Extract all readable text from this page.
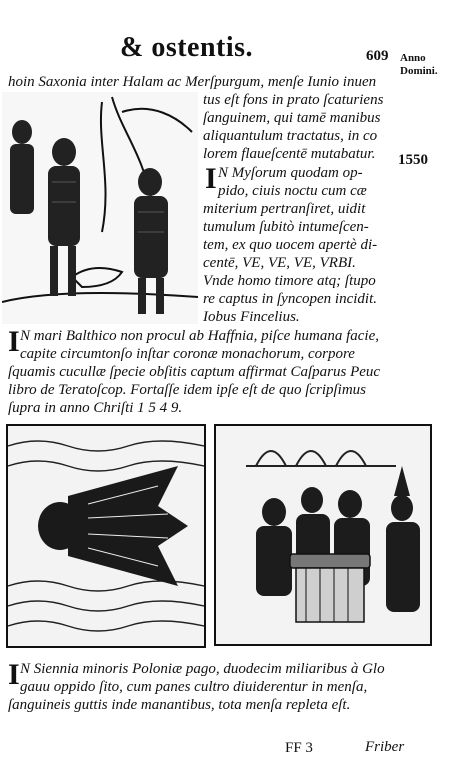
& ostentis.	609 Anno Domini.
1550
hoin Saxonia inter Halam ac Merſpurgum, menſe Iunio inuen
tus eſt fons in prato ſcaturiens
ſanguinem, qui tamē manibus
aliquantulum tractatus, in co
lorem flaueſcentē mutabatur.
I N Myſorum quodam op-
pido, ciuis noctu cum cæ
miterium pertranſiret, uidit
tumulum ſubitò intumeſcen-
tem, ex quo uocem apertè di-
centē, VE, VE, VE, VRBI.
Vnde homo timore atq; ſtupo
re captus in ſyncopen incidit.
Iobus Fincelius.
I N mari Balthico non procul ab Haffnia, piſce humana facie,
capite circumtonſo inſtar coronæ monachorum, corpore
ſquamis cucullæ ſpecie obſitis captum affirmat Caſparus Peuc
libro de Teratoſcop. Fortaſſe idem ipſe eſt de quo ſcripſimus
ſupra in anno Chriſti 1 5 4 9.
I N Siennia minoris Poloniæ pago, duodecim miliaribus à Glo
gauu oppido ſito, cum panes cultro diuiderentur in menſa,
ſanguineis guttis inde manantibus, tota menſa repleta eſt.
FF 3	Friber
